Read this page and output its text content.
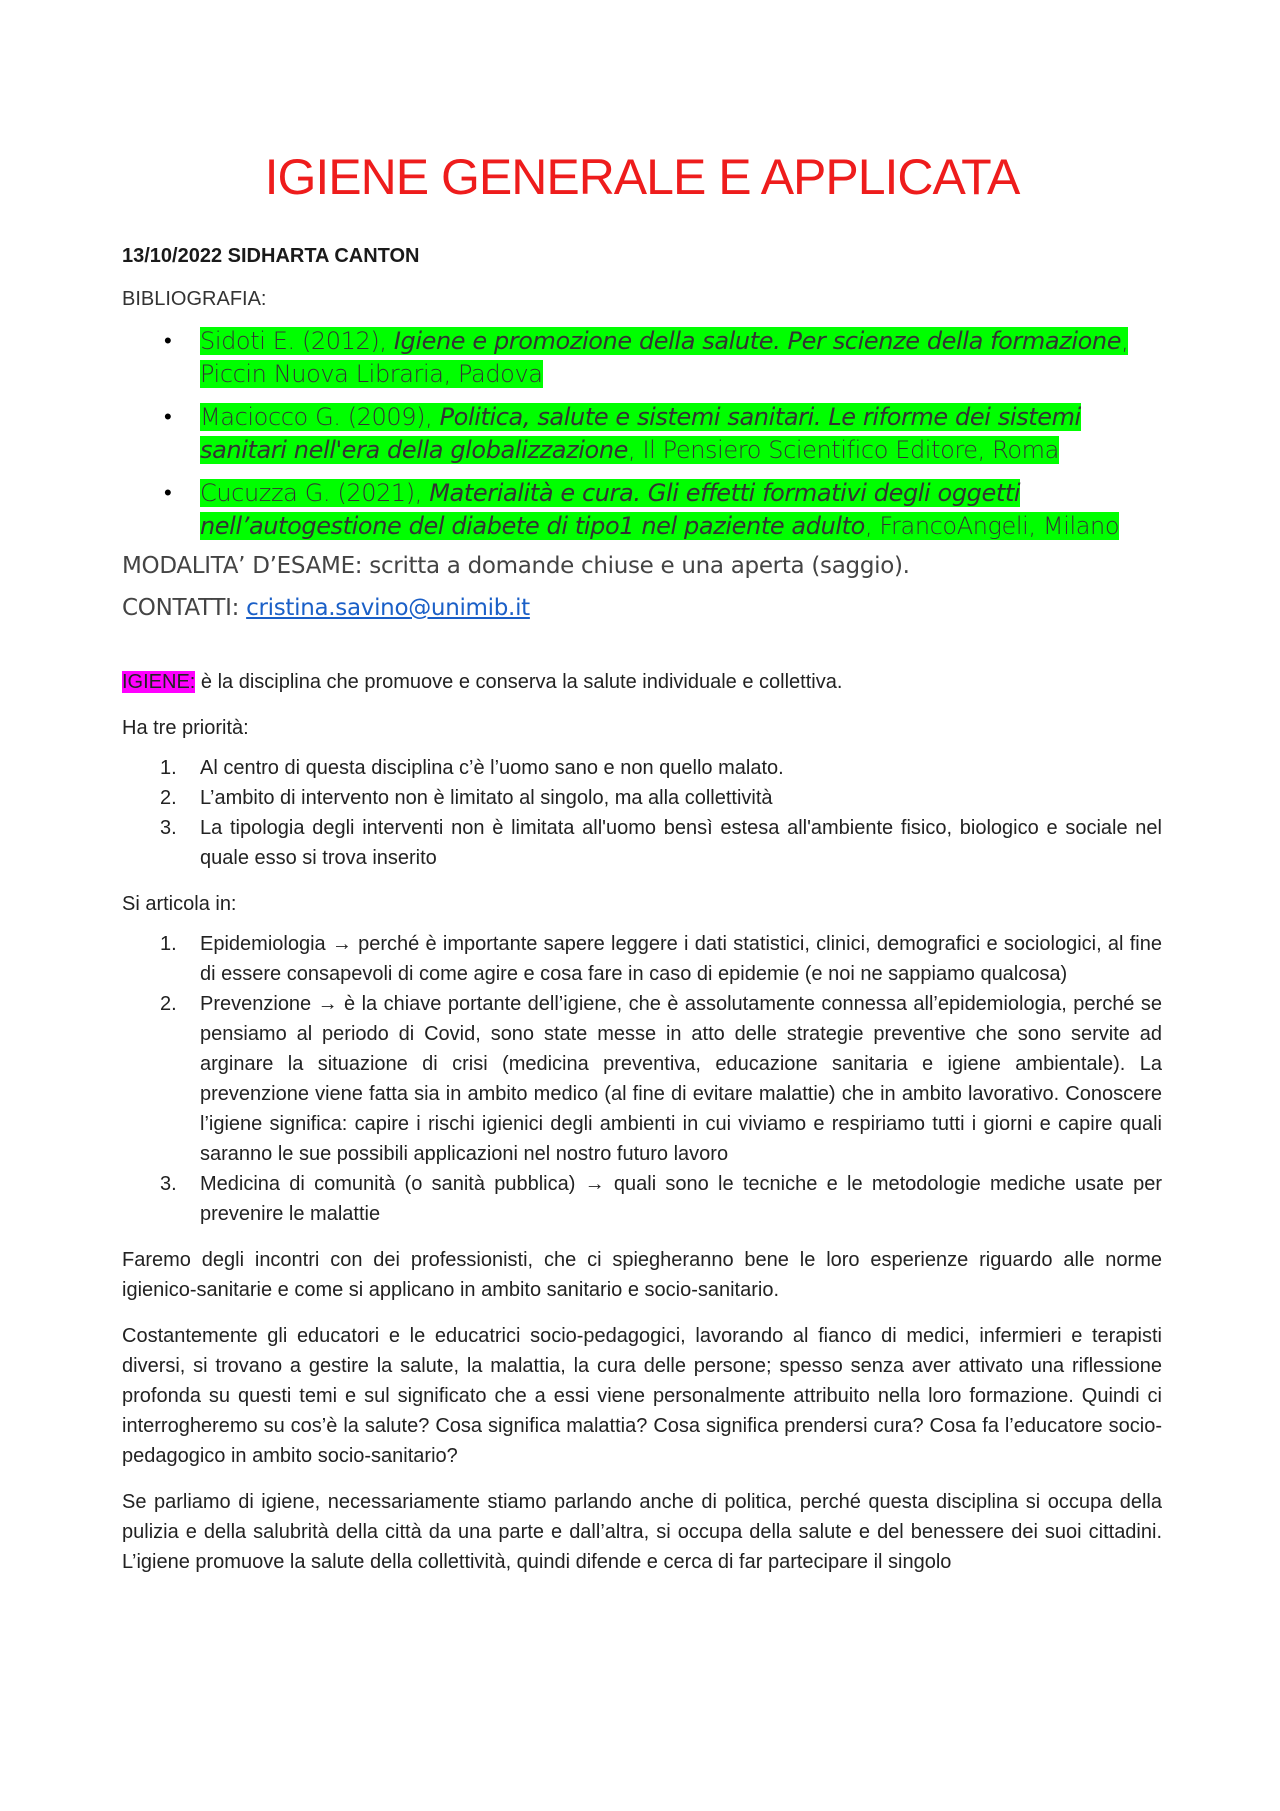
IGIENE GENERALE E APPLICATA

13/10/2022 SIDHARTA CANTON

BIBLIOGRAFIA:

• Sidoti E. (2012), Igiene e promozione della salute. Per scienze della formazione, Piccin Nuova Libraria, Padova
• Maciocco G. (2009), Politica, salute e sistemi sanitari. Le riforme dei sistemi sanitari nell'era della globalizzazione, Il Pensiero Scientifico Editore, Roma
• Cucuzza G. (2021), Materialità e cura. Gli effetti formativi degli oggetti nell’autogestione del diabete di tipo1 nel paziente adulto, FrancoAngeli, Milano

MODALITA’ D’ESAME: scritta a domande chiuse e una aperta (saggio).

CONTATTI: cristina.savino@unimib.it

IGIENE: è la disciplina che promuove e conserva la salute individuale e collettiva.

Ha tre priorità:

1. Al centro di questa disciplina c’è l’uomo sano e non quello malato.
2. L’ambito di intervento non è limitato al singolo, ma alla collettività
3. La tipologia degli interventi non è limitata all'uomo bensì estesa all'ambiente fisico, biologico e sociale nel quale esso si trova inserito

Si articola in:

1. Epidemiologia → perché è importante sapere leggere i dati statistici, clinici, demografici e sociologici, al fine di essere consapevoli di come agire e cosa fare in caso di epidemie (e noi ne sappiamo qualcosa)
2. Prevenzione → è la chiave portante dell’igiene, che è assolutamente connessa all’epidemiologia, perché se pensiamo al periodo di Covid, sono state messe in atto delle strategie preventive che sono servite ad arginare la situazione di crisi (medicina preventiva, educazione sanitaria e igiene ambientale). La prevenzione viene fatta sia in ambito medico (al fine di evitare malattie) che in ambito lavorativo. Conoscere l’igiene significa: capire i rischi igienici degli ambienti in cui viviamo e respiriamo tutti i giorni e capire quali saranno le sue possibili applicazioni nel nostro futuro lavoro
3. Medicina di comunità (o sanità pubblica) → quali sono le tecniche e le metodologie mediche usate per prevenire le malattie

Faremo degli incontri con dei professionisti, che ci spiegheranno bene le loro esperienze riguardo alle norme igienico-sanitarie e come si applicano in ambito sanitario e socio-sanitario.

Costantemente gli educatori e le educatrici socio-pedagogici, lavorando al fianco di medici, infermieri e terapisti diversi, si trovano a gestire la salute, la malattia, la cura delle persone; spesso senza aver attivato una riflessione profonda su questi temi e sul significato che a essi viene personalmente attribuito nella loro formazione. Quindi ci interrogheremo su cos’è la salute? Cosa significa malattia? Cosa significa prendersi cura? Cosa fa l’educatore socio-pedagogico in ambito socio-sanitario?

Se parliamo di igiene, necessariamente stiamo parlando anche di politica, perché questa disciplina si occupa della pulizia e della salubrità della città da una parte e dall’altra, si occupa della salute e del benessere dei suoi cittadini. L’igiene promuove la salute della collettività, quindi difende e cerca di far partecipare il singolo
